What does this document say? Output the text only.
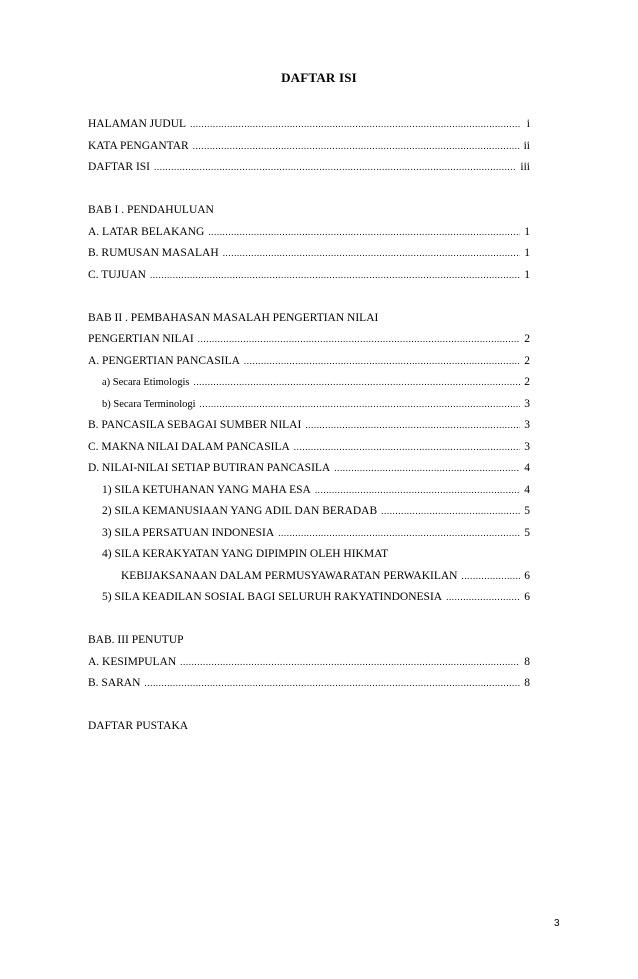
DAFTAR ISI
HALAMAN JUDUL .....	i
KATA PENGANTAR .....	ii
DAFTAR ISI .....	iii
BAB I . PENDAHULUAN
A. LATAR BELAKANG .....	1
B. RUMUSAN MASALAH .....	1
C. TUJUAN .....	1
BAB II . PEMBAHASAN MASALAH PENGERTIAN NILAI
PENGERTIAN NILAI .....	2
A. PENGERTIAN PANCASILA .....	2
a) Secara Etimologis .....	2
b) Secara Terminologi .....	3
B. PANCASILA SEBAGAI SUMBER NILAI .....	3
C. MAKNA NILAI DALAM PANCASILA .....	3
D. NILAI-NILAI SETIAP BUTIRAN PANCASILA .....	4
1) SILA KETUHANAN YANG MAHA ESA .....	4
2) SILA KEMANUSIAAN YANG ADIL DAN BERADAB .....	5
3) SILA PERSATUAN INDONESIA .....	5
4) SILA KERAKYATAN YANG DIPIMPIN OLEH HIKMAT
KEBIJAKSANAAN DALAM PERMUSYAWARATAN PERWAKILAN .....	6
5) SILA KEADILAN SOSIAL BAGI SELURUH RAKYATINDONESIA .....	6
BAB. III PENUTUP
A. KESIMPULAN .....	8
B. SARAN .....	8
DAFTAR PUSTAKA
3
